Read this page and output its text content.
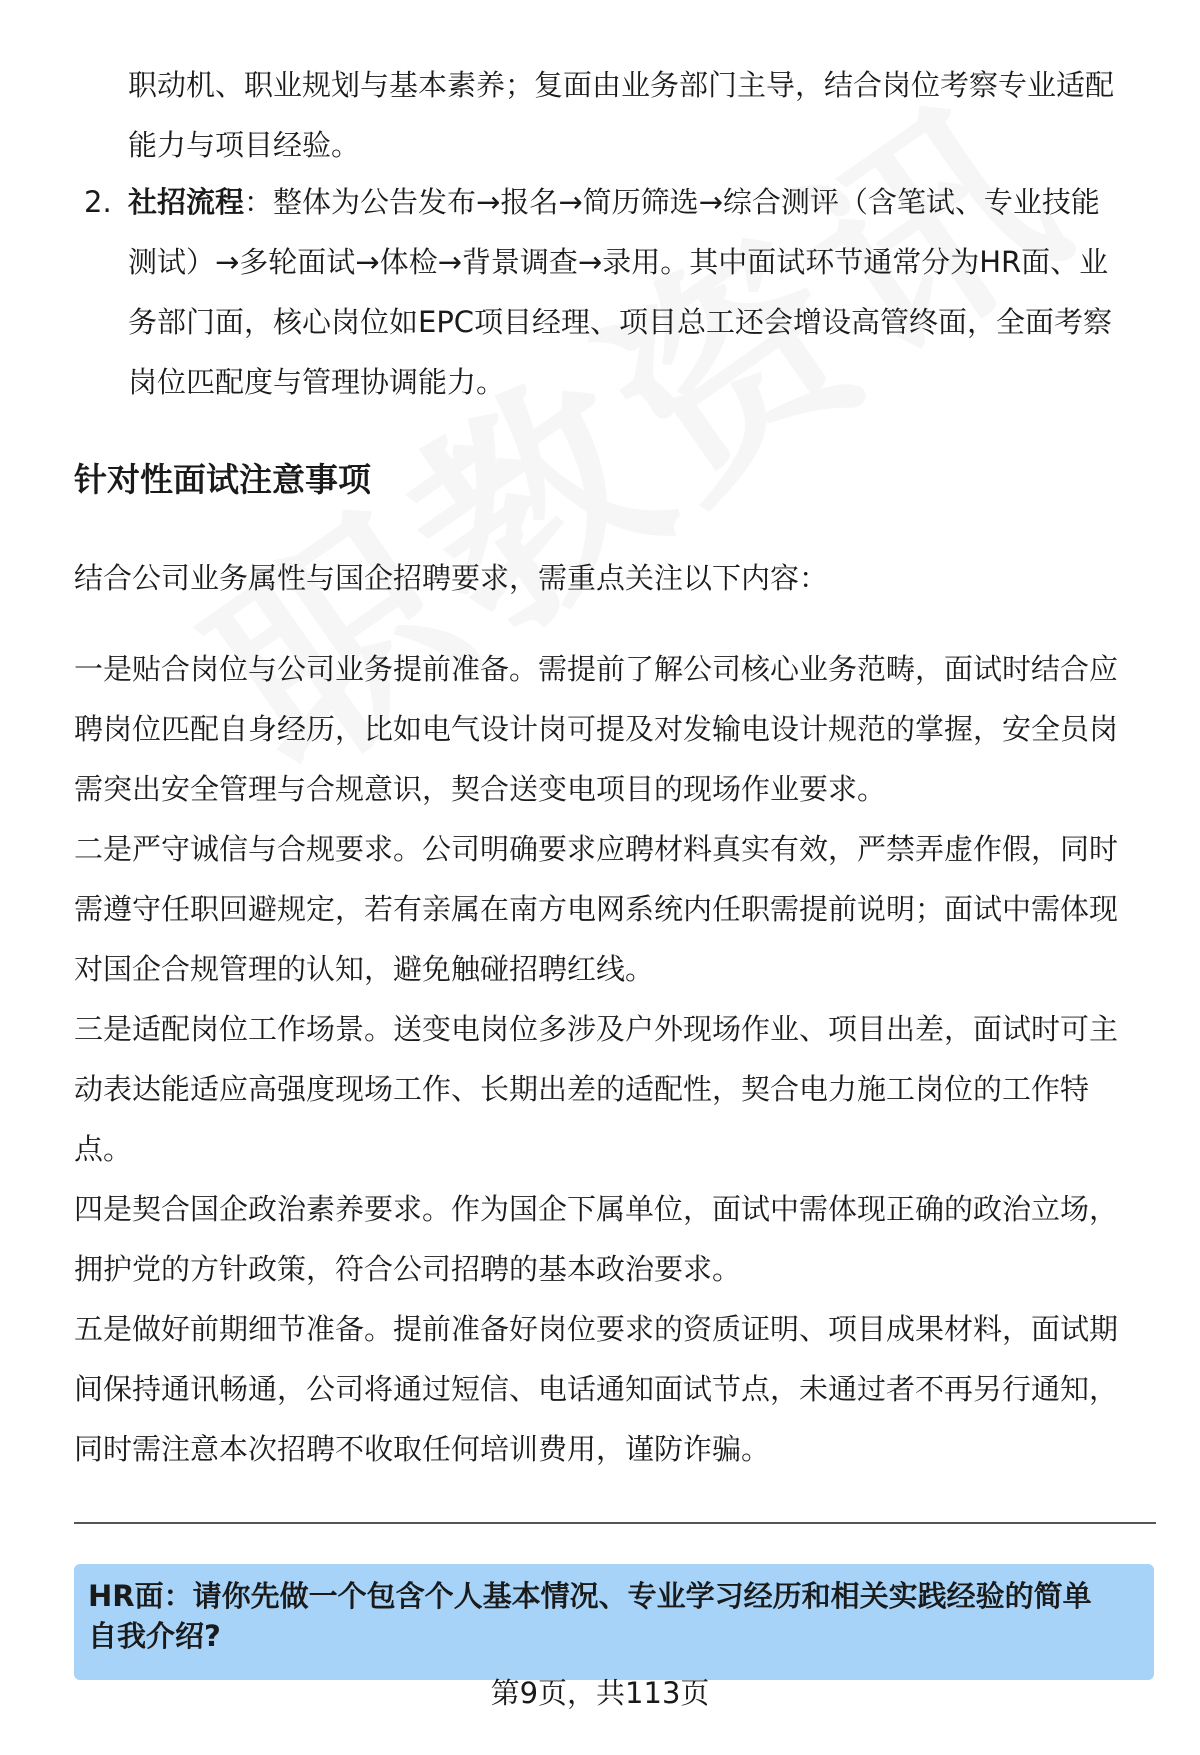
职动机、职业规划与基本素养；复面由业务部门主导，结合岗位考察专业适配
能力与项目经验。
2. 社招流程：整体为公告发布→报名→简历筛选→综合测评（含笔试、专业技能
测试）→多轮面试→体检→背景调查→录用。其中面试环节通常分为HR面、业
务部门面，核心岗位如EPC项目经理、项目总工还会增设高管终面，全面考察
岗位匹配度与管理协调能力。
针对性面试注意事项
结合公司业务属性与国企招聘要求，需重点关注以下内容：
一是贴合岗位与公司业务提前准备。需提前了解公司核心业务范畴，面试时结合应
聘岗位匹配自身经历，比如电气设计岗可提及对发输电设计规范的掌握，安全员岗
需突出安全管理与合规意识，契合送变电项目的现场作业要求。
二是严守诚信与合规要求。公司明确要求应聘材料真实有效，严禁弄虚作假，同时
需遵守任职回避规定，若有亲属在南方电网系统内任职需提前说明；面试中需体现
对国企合规管理的认知，避免触碰招聘红线。
三是适配岗位工作场景。送变电岗位多涉及户外现场作业、项目出差，面试时可主
动表达能适应高强度现场工作、长期出差的适配性，契合电力施工岗位的工作特
点。
四是契合国企政治素养要求。作为国企下属单位，面试中需体现正确的政治立场，
拥护党的方针政策，符合公司招聘的基本政治要求。
五是做好前期细节准备。提前准备好岗位要求的资质证明、项目成果材料，面试期
间保持通讯畅通，公司将通过短信、电话通知面试节点，未通过者不再另行通知，
同时需注意本次招聘不收取任何培训费用，谨防诈骗。
HR面：请你先做一个包含个人基本情况、专业学习经历和相关实践经验的简单
自我介绍?
第9页，共113页
